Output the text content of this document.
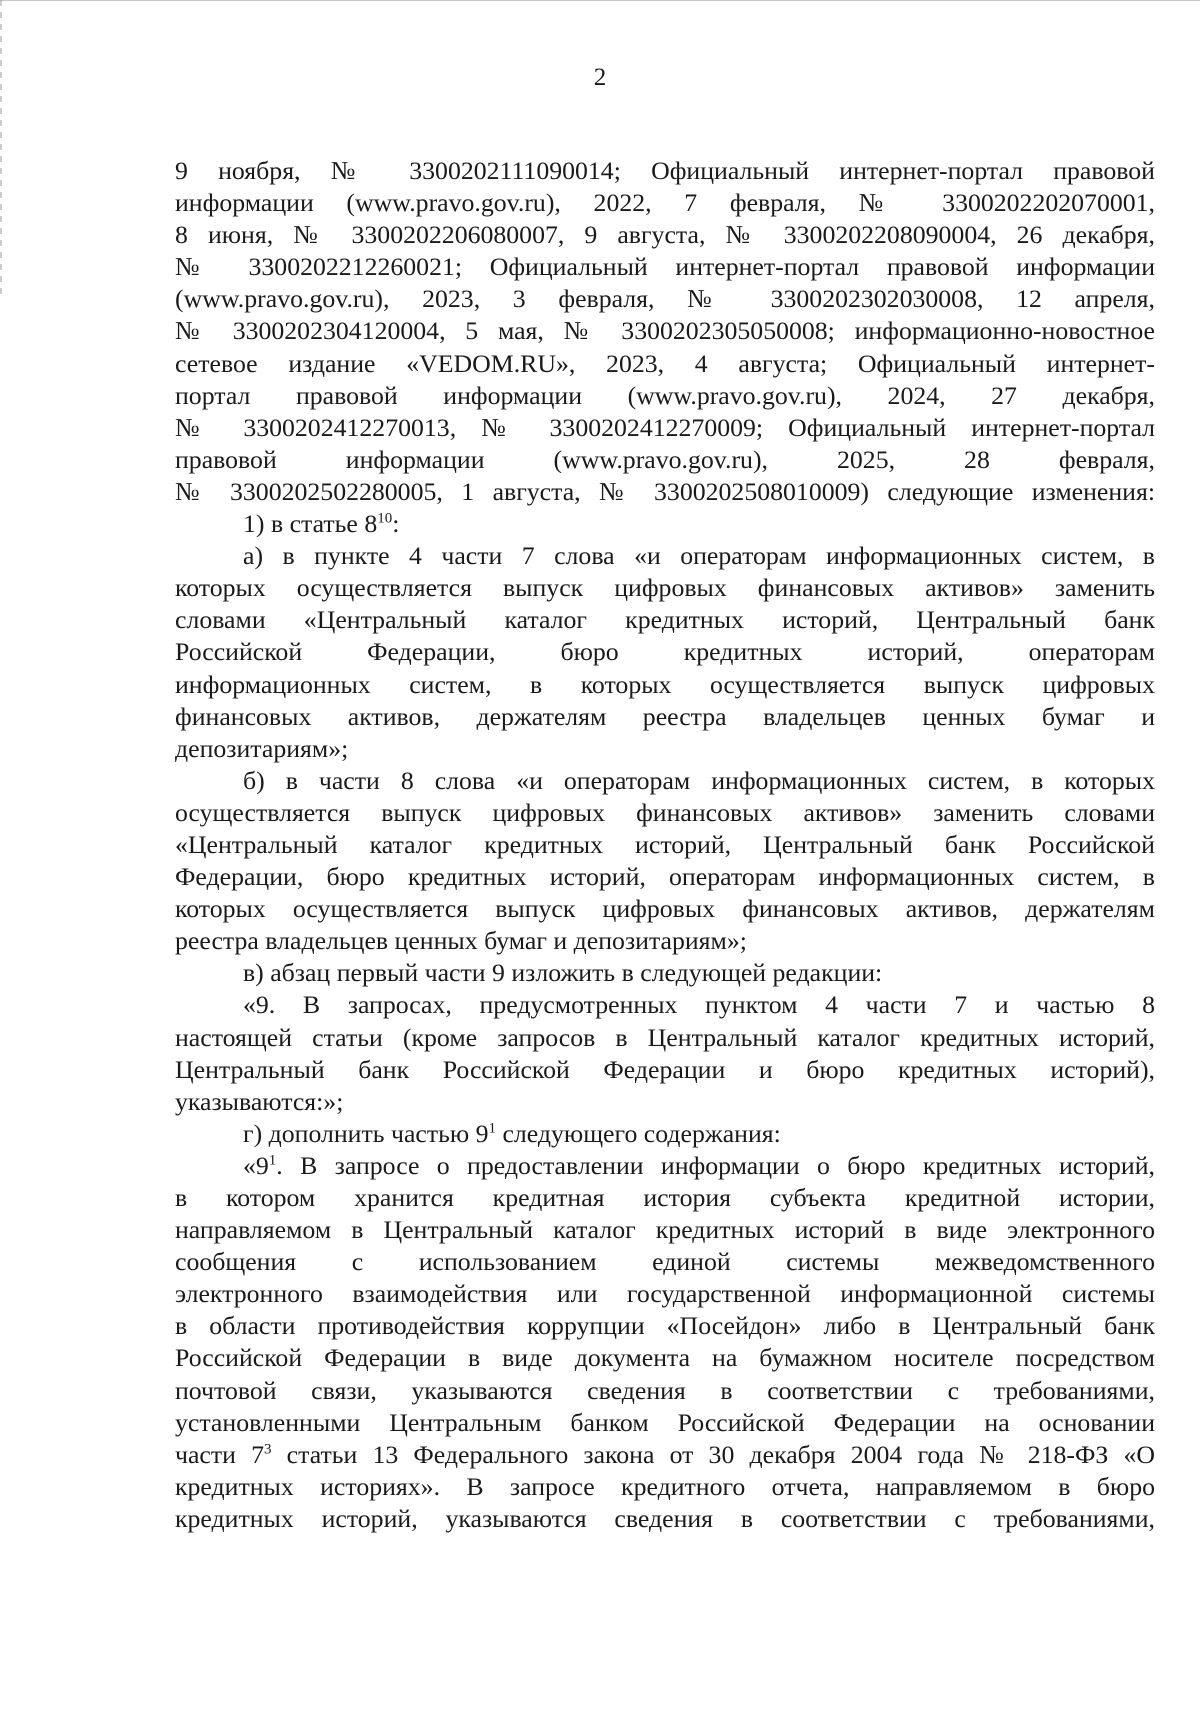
2
9 ноября, № 3300202111090014; Официальный интернет-портал правовой
информации (www.pravo.gov.ru), 2022, 7 февраля, № 3300202202070001,
8 июня, № 3300202206080007, 9 августа, № 3300202208090004, 26 декабря,
№ 3300202212260021; Официальный интернет-портал правовой информации
(www.pravo.gov.ru), 2023, 3 февраля, № 3300202302030008, 12 апреля,
№ 3300202304120004, 5 мая, № 3300202305050008; информационно-новостное
сетевое издание «VEDOM.RU», 2023, 4 августа; Официальный интернет-
портал правовой информации (www.pravo.gov.ru), 2024, 27 декабря,
№ 3300202412270013, № 3300202412270009; Официальный интернет-портал
правовой информации (www.pravo.gov.ru), 2025, 28 февраля,
№ 3300202502280005, 1 августа, № 3300202508010009) следующие изменения:
1) в статье $8^{10}$:
а) в пункте 4 части 7 слова «и операторам информационных систем, в
которых осуществляется выпуск цифровых финансовых активов» заменить
словами «Центральный каталог кредитных историй, Центральный банк
Российской Федерации, бюро кредитных историй, операторам
информационных систем, в которых осуществляется выпуск цифровых
финансовых активов, держателям реестра владельцев ценных бумаг и
депозитариям»;
б) в части 8 слова «и операторам информационных систем, в которых
осуществляется выпуск цифровых финансовых активов» заменить словами
«Центральный каталог кредитных историй, Центральный банк Российской
Федерации, бюро кредитных историй, операторам информационных систем, в
которых осуществляется выпуск цифровых финансовых активов, держателям
реестра владельцев ценных бумаг и депозитариям»;
в) абзац первый части 9 изложить в следующей редакции:
«9. В запросах, предусмотренных пунктом 4 части 7 и частью 8
настоящей статьи (кроме запросов в Центральный каталог кредитных историй,
Центральный банк Российской Федерации и бюро кредитных историй),
указываются:»;
г) дополнить частью $9^1$ следующего содержания:
«$9^1$. В запросе о предоставлении информации о бюро кредитных историй,
в котором хранится кредитная история субъекта кредитной истории,
направляемом в Центральный каталог кредитных историй в виде электронного
сообщения с использованием единой системы межведомственного
электронного взаимодействия или государственной информационной системы
в области противодействия коррупции «Посейдон» либо в Центральный банк
Российской Федерации в виде документа на бумажном носителе посредством
почтовой связи, указываются сведения в соответствии с требованиями,
установленными Центральным банком Российской Федерации на основании
части $7^3$ статьи 13 Федерального закона от 30 декабря 2004 года № 218-ФЗ «О
кредитных историях». В запросе кредитного отчета, направляемом в бюро
кредитных историй, указываются сведения в соответствии с требованиями,
